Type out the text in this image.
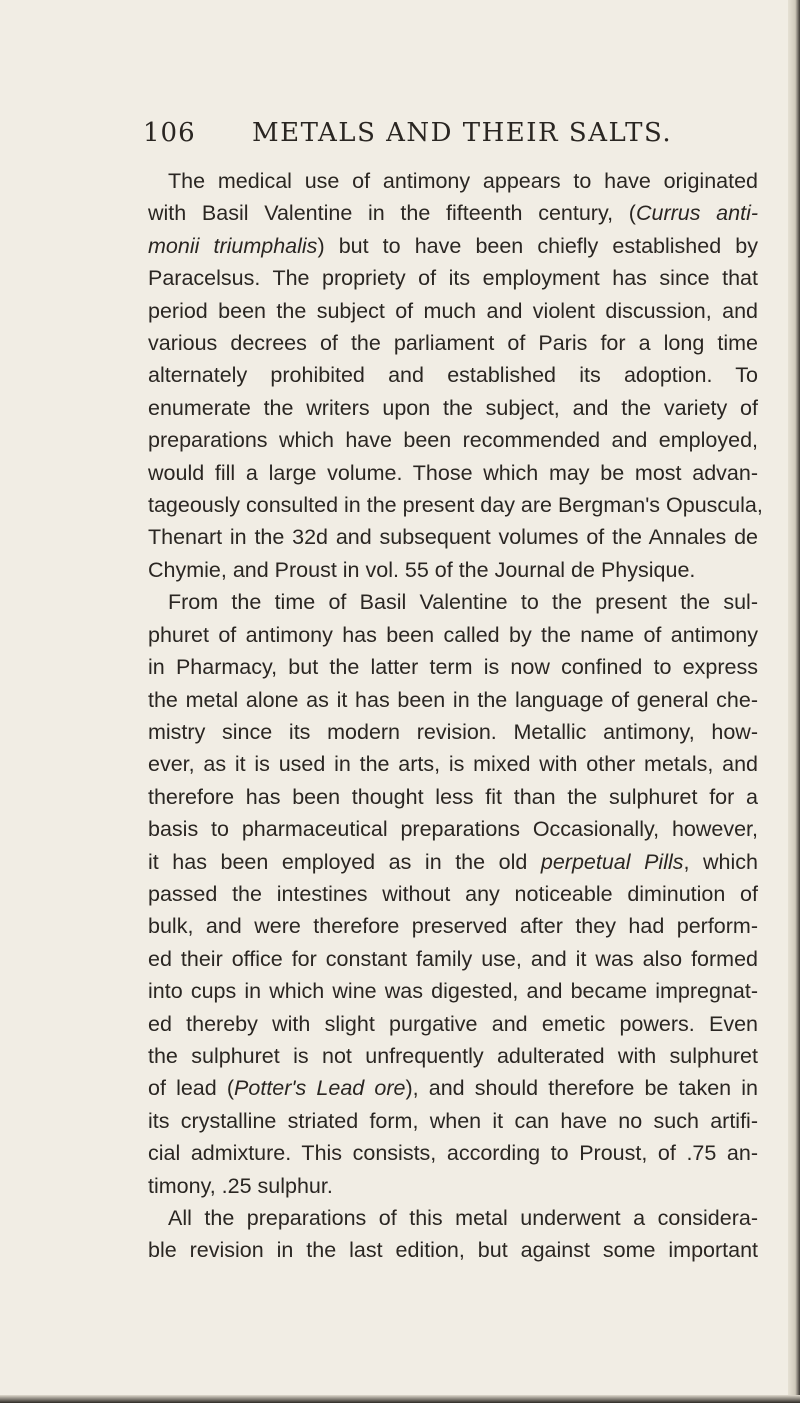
106 METALS AND THEIR SALTS.
The medical use of antimony appears to have originated
with Basil Valentine in the fifteenth century, (Currus anti-
monii triumphalis) but to have been chiefly established by
Paracelsus. The propriety of its employment has since that
period been the subject of much and violent discussion, and
various decrees of the parliament of Paris for a long time
alternately prohibited and established its adoption. To
enumerate the writers upon the subject, and the variety of
preparations which have been recommended and employed,
would fill a large volume. Those which may be most advan-
tageously consulted in the present day are Bergman's Opuscula,
Thenart in the 32d and subsequent volumes of the Annales de
Chymie, and Proust in vol. 55 of the Journal de Physique.
From the time of Basil Valentine to the present the sul-
phuret of antimony has been called by the name of antimony
in Pharmacy, but the latter term is now confined to express
the metal alone as it has been in the language of general che-
mistry since its modern revision. Metallic antimony, how-
ever, as it is used in the arts, is mixed with other metals, and
therefore has been thought less fit than the sulphuret for a
basis to pharmaceutical preparations Occasionally, however,
it has been employed as in the old perpetual Pills, which
passed the intestines without any noticeable diminution of
bulk, and were therefore preserved after they had perform-
ed their office for constant family use, and it was also formed
into cups in which wine was digested, and became impregnat-
ed thereby with slight purgative and emetic powers. Even
the sulphuret is not unfrequently adulterated with sulphuret
of lead (Potter's Lead ore), and should therefore be taken in
its crystalline striated form, when it can have no such artifi-
cial admixture. This consists, according to Proust, of .75 an-
timony, .25 sulphur.
All the preparations of this metal underwent a considera-
ble revision in the last edition, but against some important
